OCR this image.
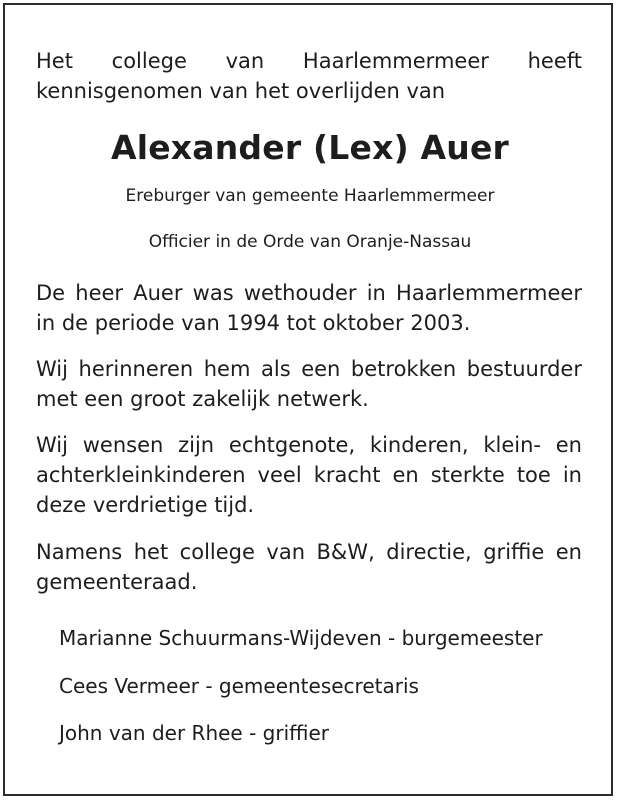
Het college van Haarlemmermeer heeft kennisgenomen van het overlijden van

Alexander (Lex) Auer

Ereburger van gemeente Haarlemmermeer

Officier in de Orde van Oranje-Nassau

De heer Auer was wethouder in Haarlemmermeer in de periode van 1994 tot oktober 2003.

Wij herinneren hem als een betrokken bestuurder met een groot zakelijk netwerk.

Wij wensen zijn echtgenote, kinderen, klein- en achterkleinkinderen veel kracht en sterkte toe in deze verdrietige tijd.

Namens het college van B&W, directie, griffie en gemeenteraad.

Marianne Schuurmans-Wijdeven - burgemeester

Cees Vermeer - gemeentesecretaris

John van der Rhee - griffier
